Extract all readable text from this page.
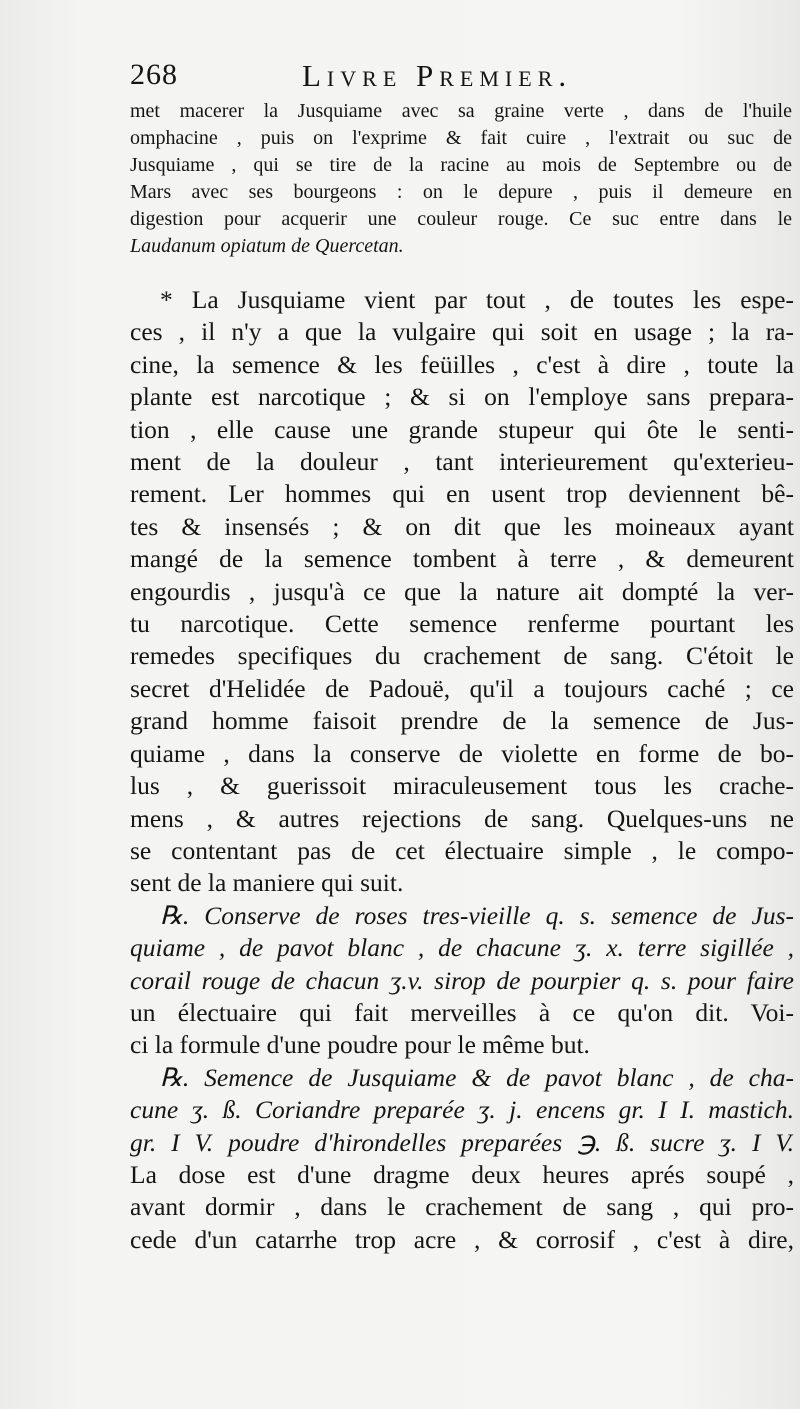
268	Livre Premier.
met macerer la Jusquiame avec sa graine verte , dans de l'huile
omphacine , puis on l'exprime & fait cuire , l'extrait ou suc de
Jusquiame , qui se tire de la racine au mois de Septembre ou de
Mars avec ses bourgeons : on le depure , puis il demeure en
digestion pour acquerir une couleur rouge. Ce suc entre dans le
Laudanum opiatum de Quercetan.
* La Jusquiame vient par tout , de toutes les espe-
ces , il n'y a que la vulgaire qui soit en usage ; la ra-
cine, la semence & les feüilles , c'est à dire , toute la
plante est narcotique ; & si on l'employe sans prepara-
tion , elle cause une grande stupeur qui ôte le senti-
ment de la douleur , tant interieurement qu'exterieu-
rement. Ler hommes qui en usent trop deviennent bê-
tes & insensés ; & on dit que les moineaux ayant
mangé de la semence tombent à terre , & demeurent
engourdis , jusqu'à ce que la nature ait dompté la ver-
tu narcotique. Cette semence renferme pourtant les
remedes specifiques du crachement de sang. C'étoit le
secret d'Helidée de Padouë, qu'il a toujours caché ; ce
grand homme faisoit prendre de la semence de Jus-
quiame , dans la conserve de violette en forme de bo-
lus , & guerissoit miraculeusement tous les crache-
mens , & autres rejections de sang. Quelques-uns ne
se contentant pas de cet électuaire simple , le compo-
sent de la maniere qui suit.
℞. Conserve de roses tres-vieille q. s. semence de Jus-
quiame , de pavot blanc , de chacune ʒ. x. terre sigillée ,
corail rouge de chacun ʒ.v. sirop de pourpier q. s. pour faire
un électuaire qui fait merveilles à ce qu'on dit. Voi-
ci la formule d'une poudre pour le même but.
℞. Semence de Jusquiame & de pavot blanc , de cha-
cune ʒ. ß. Coriandre preparée ʒ. j. encens gr. I I. mastich.
gr. I V. poudre d'hirondelles preparées ℈. ß. sucre ʒ. I V.
La dose est d'une dragme deux heures aprés soupé ,
avant dormir , dans le crachement de sang , qui pro-
cede d'un catarrhe trop acre , & corrosif , c'est à dire,
